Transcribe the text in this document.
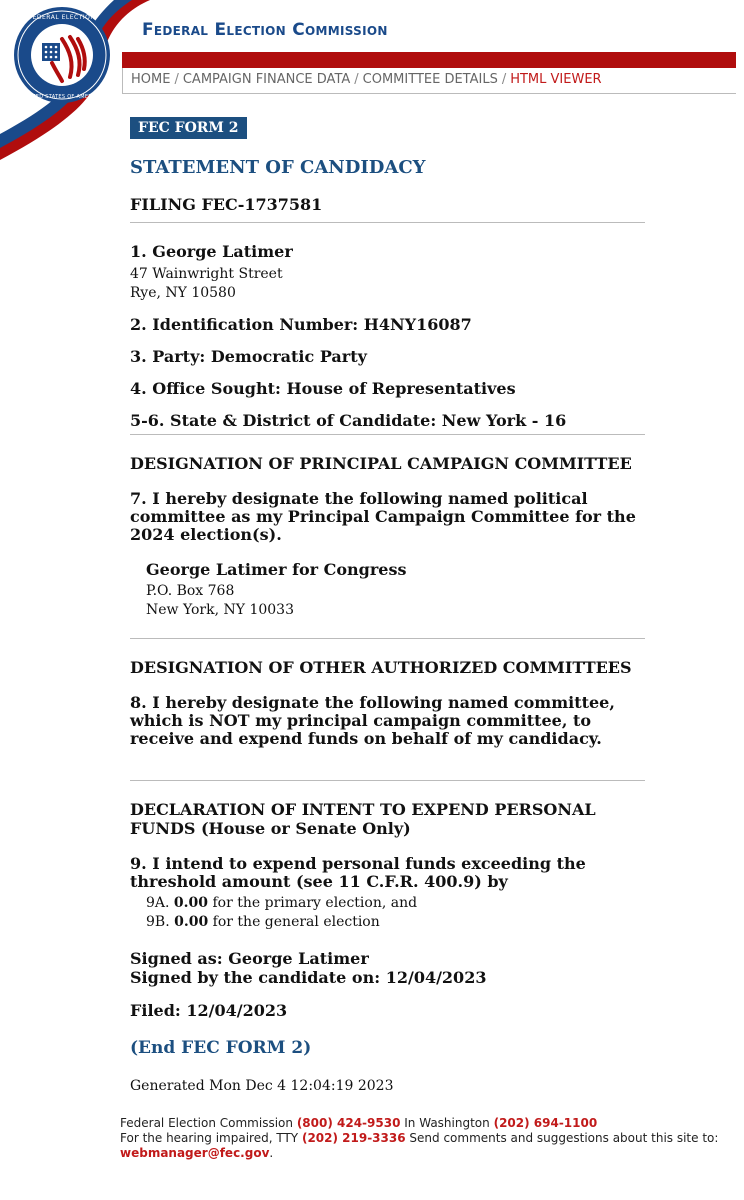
FEDERAL ELECTION
UNITED STATES OF AMERICA
Federal Election Commission
HOME / CAMPAIGN FINANCE DATA / COMMITTEE DETAILS / HTML VIEWER
FEC FORM 2
STATEMENT OF CANDIDACY
FILING FEC-1737581
1. George Latimer
47 Wainwright Street
Rye, NY 10580
2. Identification Number: H4NY16087
3. Party: Democratic Party
4. Office Sought: House of Representatives
5-6. State & District of Candidate: New York - 16
DESIGNATION OF PRINCIPAL CAMPAIGN COMMITTEE
7. I hereby designate the following named political committee as my Principal Campaign Committee for the 2024 election(s).
George Latimer for Congress
P.O. Box 768
New York, NY 10033
DESIGNATION OF OTHER AUTHORIZED COMMITTEES
8. I hereby designate the following named committee, which is NOT my principal campaign committee, to receive and expend funds on behalf of my candidacy.
DECLARATION OF INTENT TO EXPEND PERSONAL FUNDS (House or Senate Only)
9. I intend to expend personal funds exceeding the threshold amount (see 11 C.F.R. 400.9) by
9A. 0.00 for the primary election, and
9B. 0.00 for the general election
Signed as: George Latimer
Signed by the candidate on: 12/04/2023
Filed: 12/04/2023
(End FEC FORM 2)
Generated Mon Dec 4 12:04:19 2023
Federal Election Commission (800) 424-9530 In Washington (202) 694-1100
For the hearing impaired, TTY (202) 219-3336 Send comments and suggestions about this site to:
webmanager@fec.gov.
